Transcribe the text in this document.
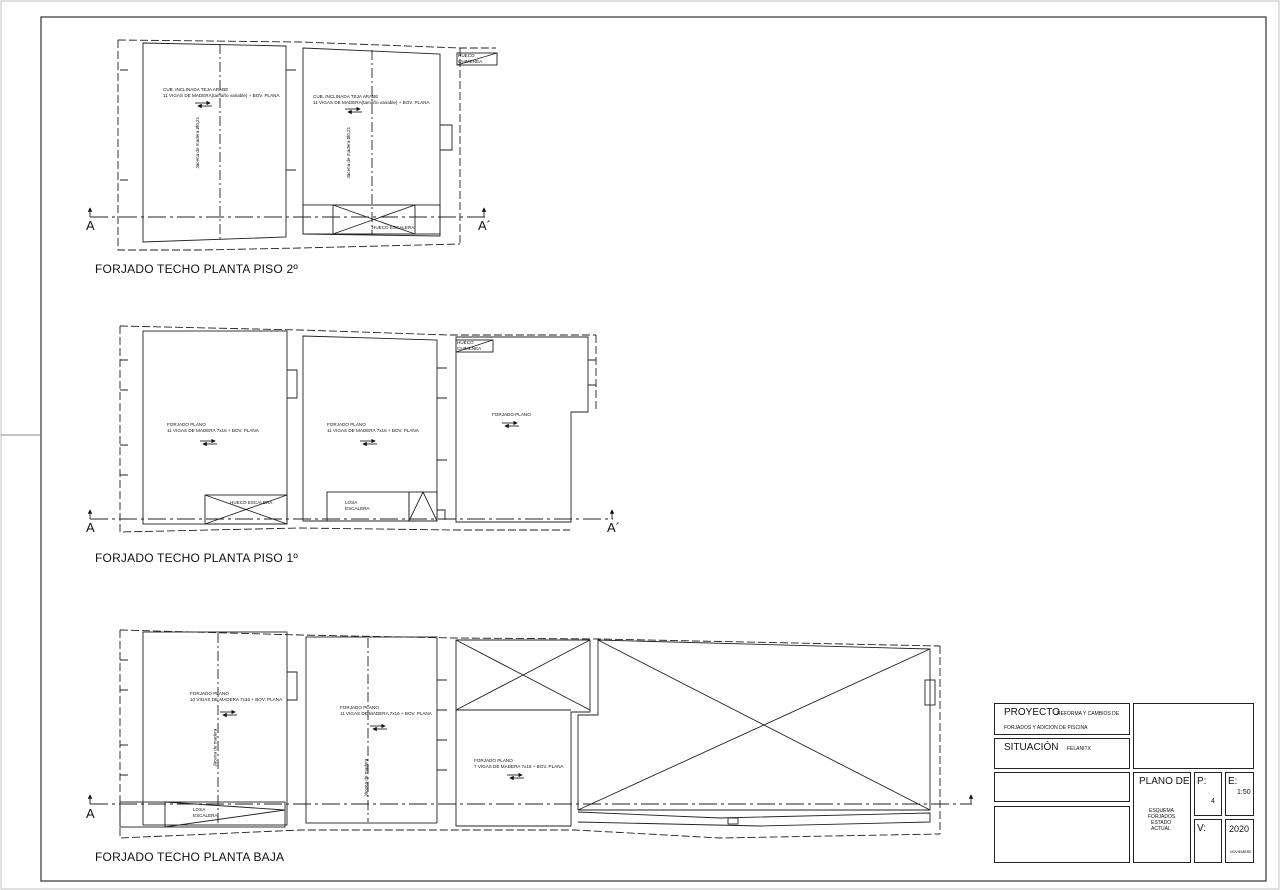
A	A´
CUB. INCLINADA TEJA ARABE
11 VIGAS DE MADERA(tamaño variable) + BOV. PLANA	CUB. INCLINADA TEJA ARABE
11 VIGAS DE MADERA(tamaño variable) + BOV. PLANA
Jácena de madera Ø0,21	Jácena de madera Ø0,21
HUECO ESCALERA
HUECO CHIMENEA
FORJADO TECHO PLANTA PISO 2º
A	A´
FORJADO PLANO
11 VIGAS DE MADERA 7x16 + BOV. PLANA
FORJADO PLANO
11 VIGAS DE MADERA 7x16 + BOV. PLANA
FORJADO PLANO
HUECO ESCALERA	LOSA ESCALERA
HUECO CHIMENEA
FORJADO TECHO PLANTA PISO 1º
A
FORJADO PLANO
10 VIGAS DE MADERA 7x16 + BOV. PLANA
FORJADO PLANO
11 VIGAS DE MADERA 7x16 + BOV. PLANA
FORJADO PLANO
7 VIGAS DE MADERA 7x16 + BOV. PLANA
Jácena de madera
Jácena de madera
LOSA ESCALERA
FORJADO TECHO PLANTA BAJA
PROYECTO
REFORMA Y CAMBIOS DE
FORJADOS Y ADICION DE PISCINA
SITUACIÓN FELANITX
PLANO DE
ESQUEMA
FORJADOS
ESTADO
ACTUAL
P:
4
E:
1:50
V:	2020
NOVIEMBRE
